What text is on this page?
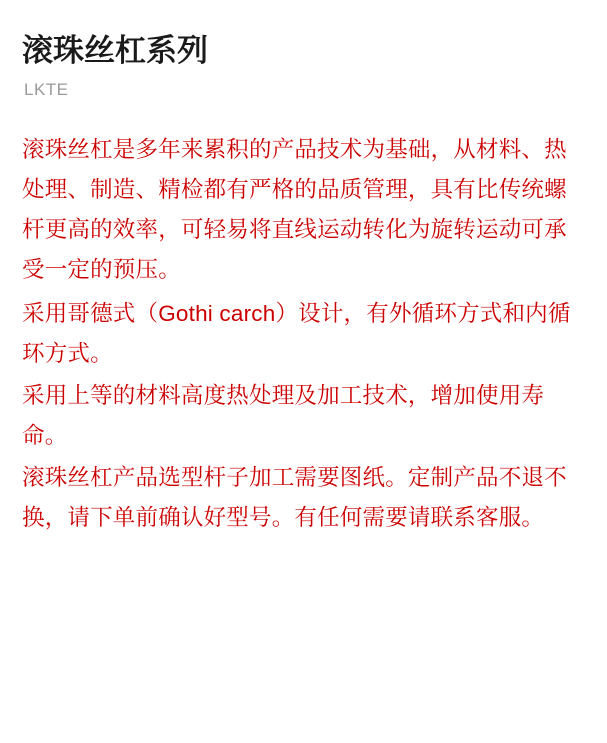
滚珠丝杠系列
LKTE

滚珠丝杠是多年来累积的产品技术为基础，从材料、热处理、制造、精检都有严格的品质管理，具有比传统螺杆更高的效率，可轻易将直线运动转化为旋转运动可承受一定的预压。

采用哥德式（Gothi carch）设计，有外循环方式和内循环方式。

采用上等的材料高度热处理及加工技术，增加使用寿命。

滚珠丝杠产品选型杆子加工需要图纸。定制产品不退不换，请下单前确认好型号。有任何需要请联系客服。
